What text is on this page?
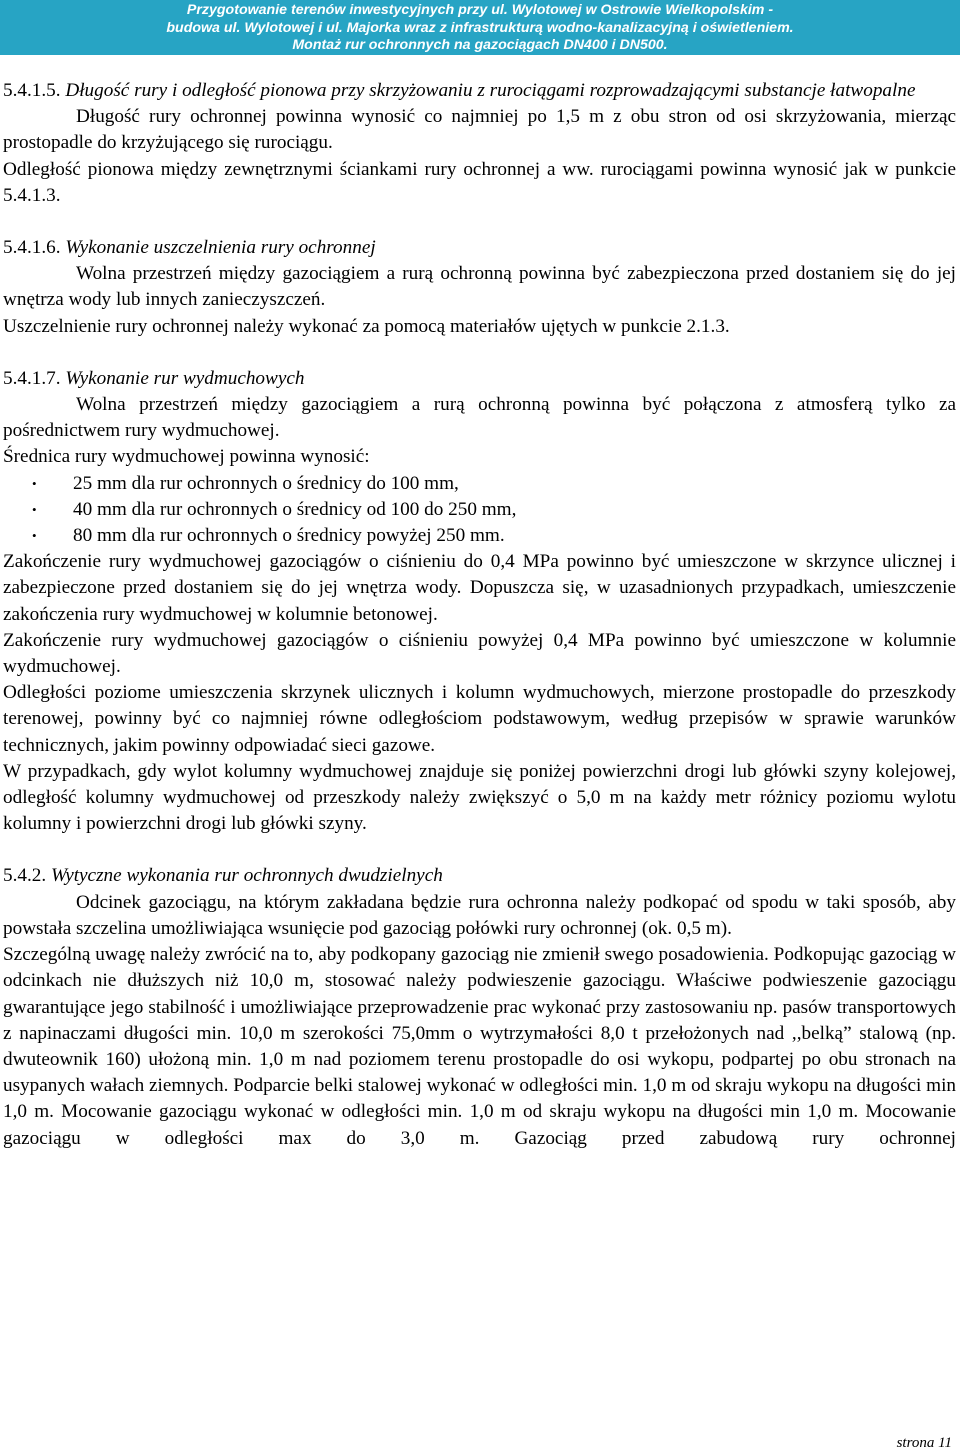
Przygotowanie terenów inwestycyjnych przy ul. Wylotowej w Ostrowie Wielkopolskim -
budowa ul. Wylotowej i ul. Majorka wraz z infrastrukturą wodno-kanalizacyjną i oświetleniem.
Montaż rur ochronnych na gazociągach DN400 i DN500.

5.4.1.5. Długość rury i odległość pionowa przy skrzyżowaniu z rurociągami rozprowadzającymi substancje łatwopalne

Długość rury ochronnej powinna wynosić co najmniej po 1,5 m z obu stron od osi skrzyżowania, mierząc prostopadle do krzyżującego się rurociągu.

Odległość pionowa między zewnętrznymi ściankami rury ochronnej a ww. rurociągami powinna wynosić jak w punkcie 5.4.1.3.

5.4.1.6. Wykonanie uszczelnienia rury ochronnej

Wolna przestrzeń między gazociągiem a rurą ochronną powinna być zabezpieczona przed dostaniem się do jej wnętrza wody lub innych zanieczyszczeń.

Uszczelnienie rury ochronnej należy wykonać za pomocą materiałów ujętych w punkcie 2.1.3.

5.4.1.7. Wykonanie rur wydmuchowych

Wolna przestrzeń między gazociągiem a rurą ochronną powinna być połączona z atmosferą tylko za pośrednictwem rury wydmuchowej.

Średnica rury wydmuchowej powinna wynosić:

• 25 mm dla rur ochronnych o średnicy do 100 mm,
• 40 mm dla rur ochronnych o średnicy od 100 do 250 mm,
• 80 mm dla rur ochronnych o średnicy powyżej 250 mm.

Zakończenie rury wydmuchowej gazociągów o ciśnieniu do 0,4 MPa powinno być umieszczone w skrzynce ulicznej i zabezpieczone przed dostaniem się do jej wnętrza wody. Dopuszcza się, w uzasadnionych przypadkach, umieszczenie zakończenia rury wydmuchowej w kolumnie betonowej.

Zakończenie rury wydmuchowej gazociągów o ciśnieniu powyżej 0,4 MPa powinno być umieszczone w kolumnie wydmuchowej.

Odległości poziome umieszczenia skrzynek ulicznych i kolumn wydmuchowych, mierzone prostopadle do przeszkody terenowej, powinny być co najmniej równe odległościom podstawowym, według przepisów w sprawie warunków technicznych, jakim powinny odpowiadać sieci gazowe.

W przypadkach, gdy wylot kolumny wydmuchowej znajduje się poniżej powierzchni drogi lub główki szyny kolejowej, odległość kolumny wydmuchowej od przeszkody należy zwiększyć o 5,0 m na każdy metr różnicy poziomu wylotu kolumny i powierzchni drogi lub główki szyny.

5.4.2. Wytyczne wykonania rur ochronnych dwudzielnych

Odcinek gazociągu, na którym zakładana będzie rura ochronna należy podkopać od spodu w taki sposób, aby powstała szczelina umożliwiająca wsunięcie pod gazociąg połówki rury ochronnej (ok. 0,5 m).

Szczególną uwagę należy zwrócić na to, aby podkopany gazociąg nie zmienił swego posadowienia. Podkopując gazociąg w odcinkach nie dłuższych niż 10,0 m, stosować należy podwieszenie gazociągu. Właściwe podwieszenie gazociągu gwarantujące jego stabilność i umożliwiające przeprowadzenie prac wykonać przy zastosowaniu np. pasów transportowych z napinaczami długości min. 10,0 m szerokości 75,0mm o wytrzymałości 8,0 t przełożonych nad ,,belką” stalową (np. dwuteownik 160) ułożoną min. 1,0 m nad poziomem terenu prostopadle do osi wykopu, podpartej po obu stronach na usypanych wałach ziemnych. Podparcie belki stalowej wykonać w odległości min. 1,0 m od skraju wykopu na długości min 1,0 m. Mocowanie gazociągu wykonać w odległości min. 1,0 m od skraju wykopu na długości min 1,0 m. Mocowanie gazociągu w odległości max do 3,0 m. Gazociąg przed zabudową rury ochronnej

strona 11
